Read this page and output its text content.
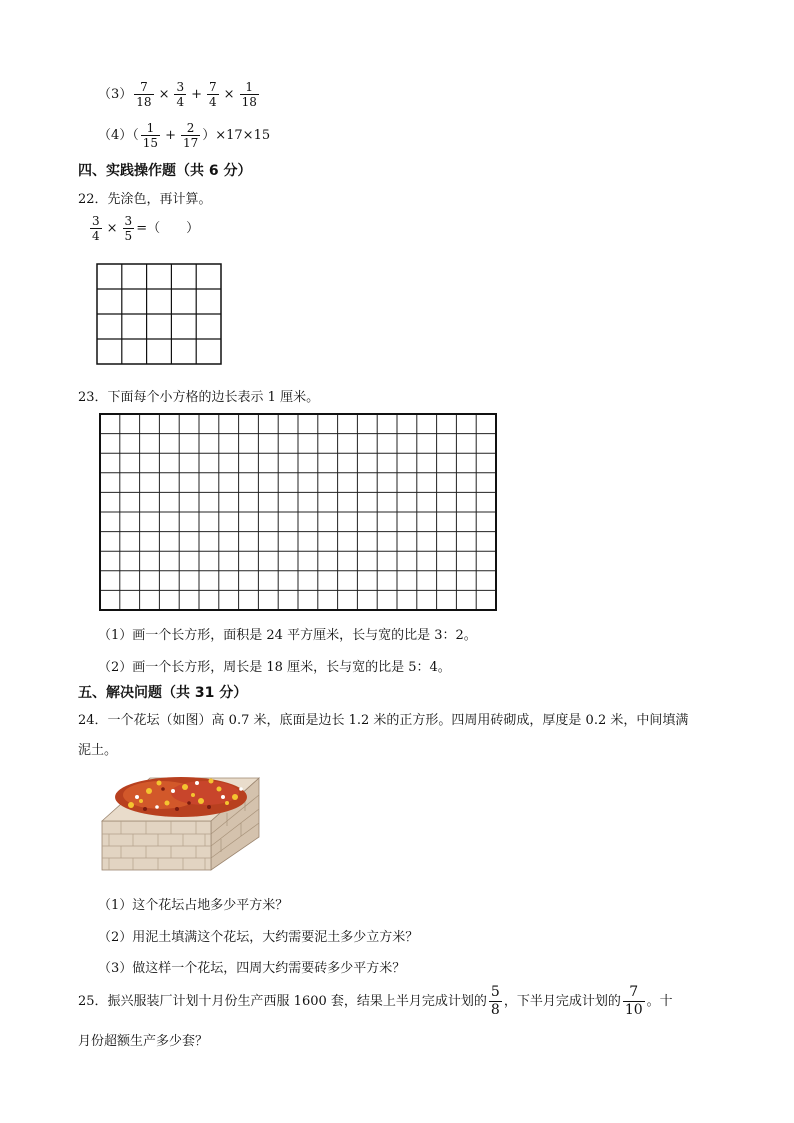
$(3) \frac{7}{18} \times \frac{3}{4} + \frac{7}{4} \times \frac{1}{18}$
$(4)( \frac{1}{15} + \frac{2}{17} )\times 17\times 15$
四、实践操作题（共 6 分）
22．先涂色，再计算。
$\frac{3}{4} \times \frac{3}{5}$ =（　　）
23．下面每个小方格的边长表示 1 厘米。
（1）画一个长方形，面积是 24 平方厘米，长与宽的比是 3：2。
（2）画一个长方形，周长是 18 厘米，长与宽的比是 5：4。
五、解决问题（共 31 分）
24．一个花坛（如图）高 0.7 米，底面是边长 1.2 米的正方形。四周用砖砌成，厚度是 0.2 米，中间填满
泥土。
（1）这个花坛占地多少平方米？
（2）用泥土填满这个花坛，大约需要泥土多少立方米？
（3）做这样一个花坛，四周大约需要砖多少平方米？
25．振兴服装厂计划十月份生产西服 1600 套，结果上半月完成计划的 $\frac{5}{8}$ ，下半月完成计划的 $\frac{7}{10}$ 。十
月份超额生产多少套？
